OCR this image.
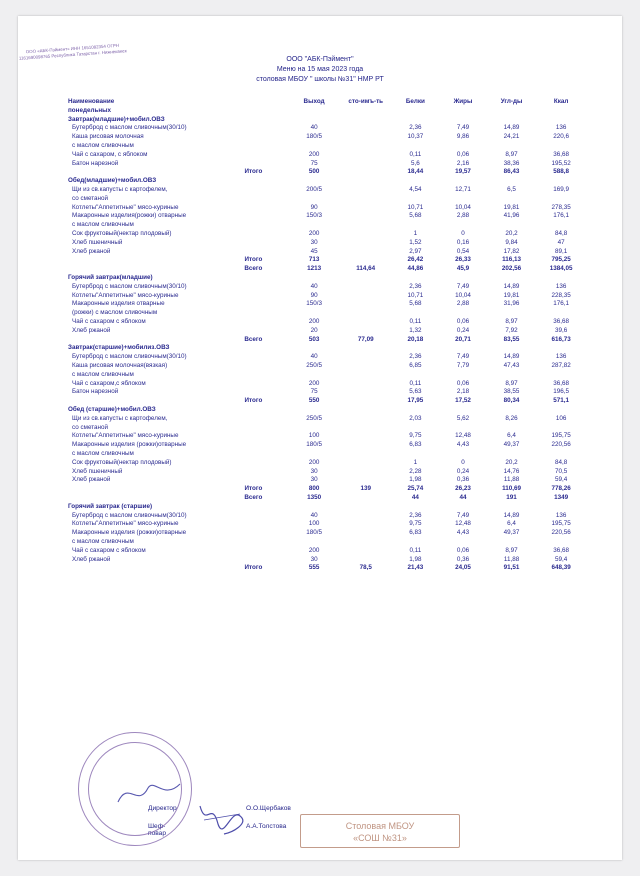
ООО "АБК-Пэймент"
Меню на 15 мая 2023 года
столовая МБОУ " школы №31" НМР РТ
Наименование	Выход	сто-имъ-ть	Белки	Жиры	Угл-ды	Ккал
понедельных						
Завтрак(младшие)+мобил.ОВЗ						
Бутерброд с маслом сливочным(30/10)	40		2,36	7,49	14,89	136
Каша рисовая молочная	180/5		10,37	9,86	24,21	220,6
с маслом сливочным						
Чай с сахаром, с яблоком	200		0,11	0,06	8,97	36,68
Батон нарезной	75		5,6	2,16	38,36	195,52
Итого	500		18,44	19,57	86,43	588,8
Обед(младшие)+мобил.ОВЗ						
Щи из св.капусты с картофелем,	200/5		4,54	12,71	6,5	169,9
со сметаной						
Котлеты"Аппетитные" мясо-куриные	90		10,71	10,04	19,81	278,35
Макаронные изделия(рожки) отварные	150/3		5,68	2,88	41,96	176,1
с маслом сливочным						
Сок фруктовый(нектар плодовый)	200		1	0	20,2	84,8
Хлеб пшеничный	30		1,52	0,16	9,84	47
Хлеб ржаной	45		2,97	0,54	17,82	89,1
Итого	713		26,42	26,33	116,13	795,25
Всего	1213	114,64	44,86	45,9	202,56	1384,05
Горячий завтрак(младшие)						
Бутерброд с маслом сливочным(30/10)	40		2,36	7,49	14,89	136
Котлеты"Аппетитные" мясо-куриные	90		10,71	10,04	19,81	228,35
Макаронные изделия отварные	150/3		5,68	2,88	31,96	176,1
(рожки) с маслом сливочным						
Чай с сахаром с яблоком	200		0,11	0,06	8,97	36,68
Хлеб ржаной	20		1,32	0,24	7,92	39,6
Всего	503	77,09	20,18	20,71	83,55	616,73
Завтрак(старшие)+мобилиз.ОВЗ						
Бутерброд с маслом сливочным(30/10)	40		2,36	7,49	14,89	136
Каша рисовая молочная(вязкая)	250/5		6,85	7,79	47,43	287,82
с маслом сливочным						
Чай с сахаром,с яблоком	200		0,11	0,06	8,97	36,68
Батон нарезной	75		5,63	2,18	38,55	196,5
Итого	550		17,95	17,52	80,34	571,1
Обед (старшие)+мобил.ОВЗ						
Щи из св.капусты с картофелем,	250/5		2,03	5,62	8,26	106
со сметаной						
Котлеты"Аппетитные" мясо-куриные	100		9,75	12,48	6,4	195,75
Макаронные изделия (рожки)отварные	180/5		6,83	4,43	49,37	220,56
с маслом сливочным						
Сок фруктовый(нектар плодовый)	200		1	0	20,2	84,8
Хлеб пшеничный	30		2,28	0,24	14,76	70,5
Хлеб ржаной	30		1,98	0,36	11,88	59,4
Итого	800	139	25,74	26,23	110,69	778,26
Всего	1350		44	44	191	1349
Горячий завтрак (старшие)						
Бутерброд с маслом сливочным(30/10)	40		2,36	7,49	14,89	136
Котлеты"Аппетитные" мясо-куриные	100		9,75	12,48	6,4	195,75
Макаронные изделия (рожки)отварные	180/5		6,83	4,43	49,37	220,56
с маслом сливочным						
Чай с сахаром с яблоком	200		0,11	0,06	8,97	36,68
Хлеб ржаной	30		1,98	0,36	11,88	59,4
Итого	555	78,5	21,43	24,05	91,51	648,39
Директор	О.О.Щербаков
Шеф-повар
А.А.Толстова
ООО «АБК-Пэймент» ИНН 1651082354 ОГРН 1161690098765 Республика Татарстан г. Нижнекамск
Столовая МБОУ
«СОШ №31»
